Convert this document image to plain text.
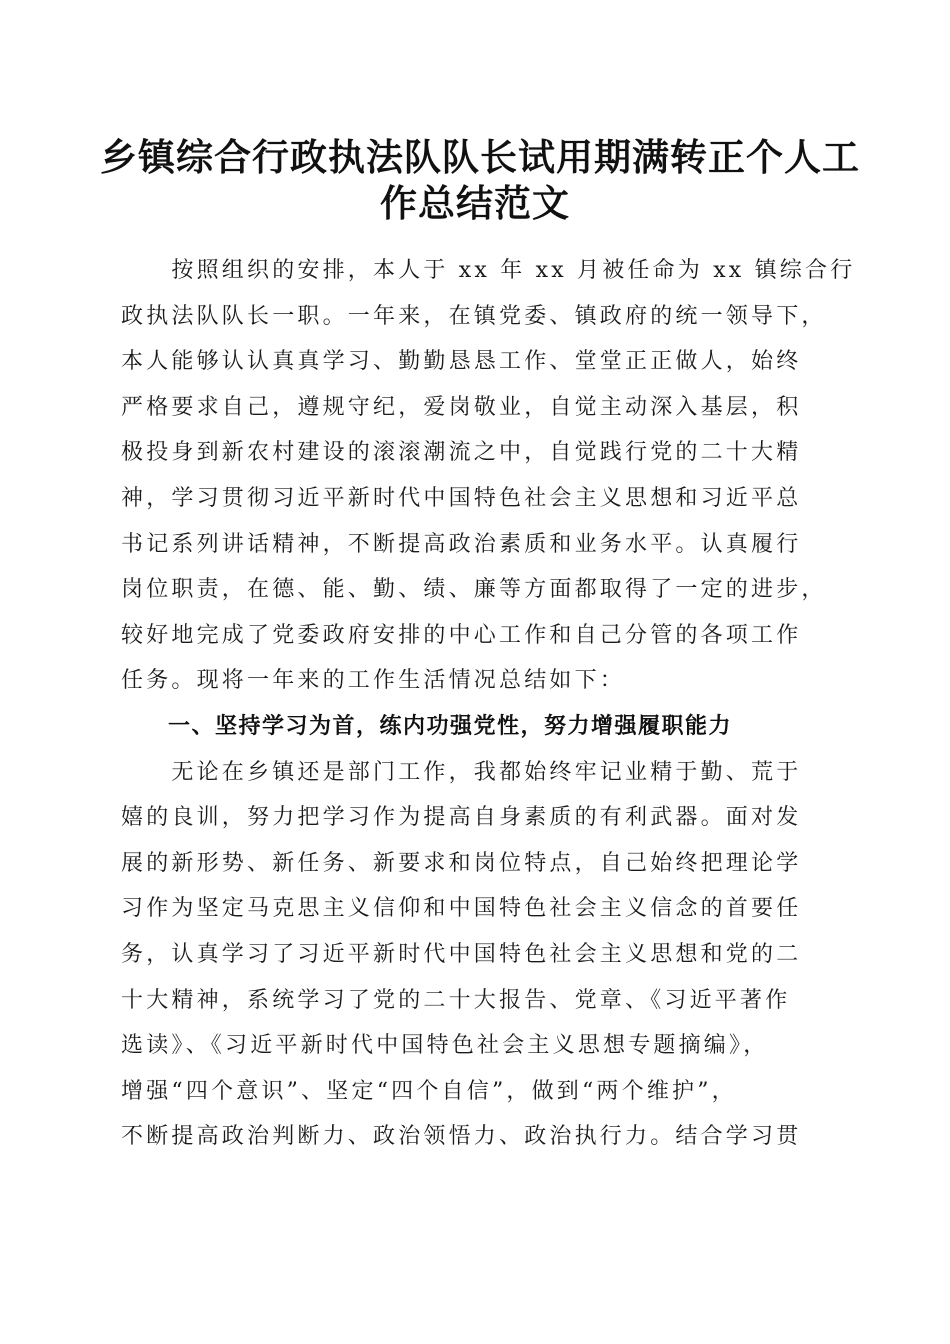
乡镇综合行政执法队队长试用期满转正个人工
作总结范文
　　按照组织的安排，本人于 xx 年 xx 月被任命为 xx 镇综合行
政执法队队长一职。一年来，在镇党委、镇政府的统一领导下，
本人能够认认真真学习、勤勤恳恳工作、堂堂正正做人，始终
严格要求自己，遵规守纪，爱岗敬业，自觉主动深入基层，积
极投身到新农村建设的滚滚潮流之中，自觉践行党的二十大精
神，学习贯彻习近平新时代中国特色社会主义思想和习近平总
书记系列讲话精神，不断提高政治素质和业务水平。认真履行
岗位职责，在德、能、勤、绩、廉等方面都取得了一定的进步，
较好地完成了党委政府安排的中心工作和自己分管的各项工作
任务。现将一年来的工作生活情况总结如下：
　　一、坚持学习为首，练内功强党性，努力增强履职能力
　　无论在乡镇还是部门工作，我都始终牢记业精于勤、荒于
嬉的良训，努力把学习作为提高自身素质的有利武器。面对发
展的新形势、新任务、新要求和岗位特点，自己始终把理论学
习作为坚定马克思主义信仰和中国特色社会主义信念的首要任
务，认真学习了习近平新时代中国特色社会主义思想和党的二
十大精神，系统学习了党的二十大报告、党章、《习近平著作
选读》、《习近平新时代中国特色社会主义思想专题摘编》，
增强“四个意识”、坚定“四个自信”，做到“两个维护”，
不断提高政治判断力、政治领悟力、政治执行力。结合学习贯
